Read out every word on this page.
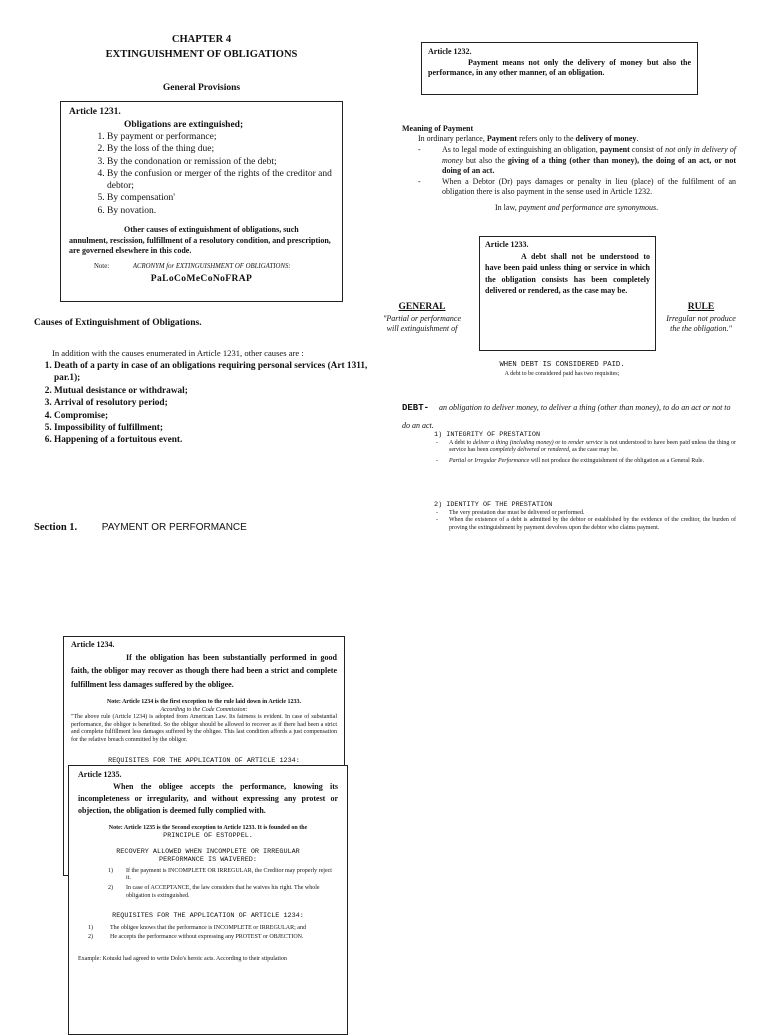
CHAPTER 4
EXTINGUISHMENT OF OBLIGATIONS
General Provisions
Article 1231.
Obligations are extinguished;
1. By payment or performance;
2. By the loss of the thing due;
3. By the condonation or remission of the debt;
4. By the confusion or merger of the rights of the creditor and debtor;
5. By compensation'
6. By novation.
Other causes of extinguishment of obligations, such annulment, rescission, fulfillment of a resolutory condition, and prescription, are governed elsewhere in this code.
Note:	ACRONYM for EXTINGUISHMENT OF OBLIGATIONS:
PaLoCoMeCoNoFRAP
Causes of Extinguishment of Obligations.
In addition with the causes enumerated in Article 1231, other causes are :
1. Death of a party in case of an obligations requiring personal services (Art 1311, par.1);
2. Mutual desistance or withdrawal;
3. Arrival of resolutory period;
4. Compromise;
5. Impossibility of fulfillment;
6. Happening of a fortuitous event.
Section 1. PAYMENT OR PERFORMANCE
Article 1234.
If the obligation has been substantially performed in good faith, the obligor may recover as though there had been a strict and complete fulfillment less damages suffered by the obligee.
Note: Article 1234 is the first exception to the rule laid down in Article 1233.
According to the Code Commission:
"The above rule (Article 1234) is adopted from American Law. Its fairness is evident. In case of substantial performance, the obligor is benefited. So the obligor should be allowed to recover as if there had been a strict and complete fulfillment less damages suffered by the obligee. This last condition affords a just compensation for the relative breach committed by the obligor.
REQUISITES FOR THE APPLICATION OF ARTICLE 1234:
Article 1235.
When the obligee accepts the performance, knowing its incompleteness or irregularity, and without expressing any protest or objection, the obligation is deemed fully complied with.
Note: Article 1235 is the Second exception to Article 1233. It is founded on the
PRINCIPLE OF ESTOPPEL.
RECOVERY ALLOWED WHEN INCOMPLETE OR IRREGULAR
PERFORMANCE IS WAIVERED:
1) If the payment is INCOMPLETE OR IRREGULAR, the Creditor may properly reject it.
2) In case of ACCEPTANCE, the law considers that he waives his right. The whole obligation is extinguished.
REQUISITES FOR THE APPLICATION OF ARTICLE 1234:
1)	The obligee knows that the performance is INCOMPLETE or IRREGULAR; and
2)	He accepts the performance without expressing any PROTEST or OBJECTION.
Example: Kotuski had agreed to write Dolo's heroic acts. According to their stipulation
Article 1232.
Payment means not only the delivery of money but also the performance, in any other manner, of an obligation.
Meaning of Payment
In ordinary perlance, Payment refers only to the delivery of money.
- As to legal mode of extinguishing an obligation, payment consist of not only in delivery of money but also the giving of a thing (other than money), the doing of an act, or not doing of an act.
- When a Debtor (Dr) pays damages or penalty in lieu (place) of the fulfilment of an obligation there is also payment in the sense used in Article 1232.
In law, payment and performance are synonymous.
Article 1233.
A debt shall not be understood to have been paid unless thing or service in which the obligation consists has been completely delivered or rendered, as the case may be.
GENERAL
"Partial or performance will extinguishment of
RULE
Irregular not produce the the obligation."
WHEN DEBT IS CONSIDERED PAID.
A debt to be considered paid has two requisites;
DEBT- an obligation to deliver money, to deliver a thing (other than money), to do an act or not to do an act.
1) INTEGRITY OF PRESTATION
- A debt to deliver a thing (including money) or to render service is not understood to have been paid unless the thing or service has been completely delivered or rendered, as the case may be.
- Partial or Irregular Performance will not produce the extinguishment of the obligation as a General Rule.
2) IDENTITY OF THE PRESTATION
- The very prestation due must be delivered or performed.
- When the existence of a debt is admitted by the debtor or established by the evidence of the creditor, the burden of proving the extinguishment by payment devolves upon the debtor who claims payment.
